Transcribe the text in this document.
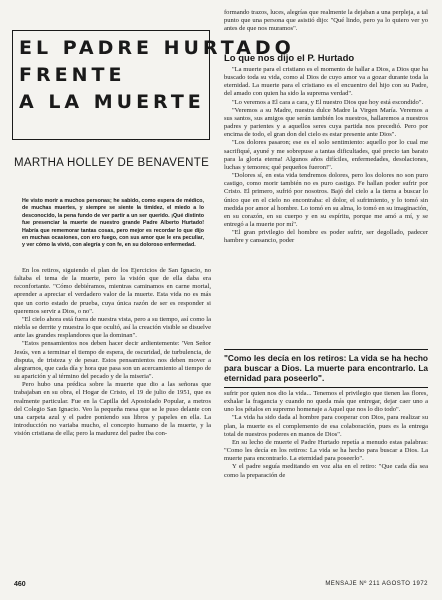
EL PADRE HURTADO
FRENTE
A LA MUERTE
MARTHA HOLLEY DE BENAVENTE
He visto morir a muchos personas; he sabido, como espera de médico, de muchas muertes, y siempre se siente la timidez, el miedo a lo desconocido, la pena fundo de ver partir a un ser querido. ¡Qué distinto fue presenciar la muerte de nuestro grande Padre Alberto Hurtado! Habría que rememorar tantas cosas, pero mejor es recordar lo que dijo en muchas ocasiones, con ero fuego, con sus amor que le era peculiar, y ver cómo la vivió, con alegría y con fe, en su doloroso enfermedad.

En los retiros, siguiendo el plan de los Ejercicios de San Ignacio, no faltaba el tema de la muerte, pero la visión que de ella daba era reconfortante. "Cómo debiéramos, mientras caminamos en carne mortal, aprender a apreciar el verdadero valor de la muerte. Esta vida no es más que un corto estado de prueba, cuya única razón de ser es responder si queremos servir a Dios, o no".

"El cielo ahora está fuera de nuestra vista, pero a su tiempo, así como la niebla se derrite y muestra lo que ocultó, así la creación visible se disuelve ante las grandes resplandores que la dominan".

"Estos pensamientos nos deben hacer decir ardientemente: 'Ven Señor Jesús, ven a terminar el tiempo de espera, de oscuridad, de turbulencia, de disputa, de tristeza y de pesar. Estos pensamientos nos deben mover a alegrarnos, que cada día y hora que pasa son un acercamiento al tiempo de su aparición y al término del pecado y de la miseria".

Pero hubo una prédica sobre la muerte que dio a las señoras que trabajaban en su obra, el Hogar de Cristo, el 19 de julio de 1951, que es realmente particular. Fue en la Capilla del Apostolado Popular, a metros del Colegio San Ignacio. Veo la pequeña mesa que se le puso delante con una carpeta azul y el padre poniendo sus libros y papeles en ella. La introducción no variaba mucho, el concepto humano de la muerte, y la visión cristiana de ella; pero la madurez del padre iba con-

formando trazos, luces, alegrías que realmente la dejaban a una perpleja, a tal punto que una persona que asistió dijo: "Qué lindo, pero ya lo quiero ver yo antes de que nos muramos".

Lo que nos dijo el P. Hurtado

"La muerte para el cristiano es el momento de hallar a Dios, a Dios que ha buscado toda su vida, como al Dios de cuyo amor va a gozar durante toda la eternidad. La muerte para el cristiano es el encuentro del hijo con su Padre, del amado con quien ha sido la suprema verdad".

"Lo veremos a El cara a cara, y El nuestro Dios que hoy está escondido".

"Veremos a su Madre, nuestra dulce Madre la Virgen María. Veremos a sus santos, sus amigos que serán también los nuestros, hallaremos a nuestros padres y parientes y a aquellos seres cuya partida nos precedió. Pero por encima de todo, el gran don del cielo es estar presente ante Dios".

"Los dolores pasaron; ese es el solo sentimiento: aquello por lo cual me sacrifiqué, ayuné y me sobrepuse a tantas dificultades, qué precio tan barato para la gloria eterna! Algunos años difíciles, enfermedades, desolaciones, luchas y temores; qué pequeños fueron!".

"Dolores sí, en esta vida tendremos dolores, pero los dolores no son puro castigo, como morir también no es puro castigo. Fe hallan poder sufrir por Cristo. El primero, sufrió por nosotros. Bajó del cielo a la tierra a buscar lo único que en el cielo no encontraba: el dolor, el sufrimiento, y lo tomó sin medida por amor al hombre. Lo tomó en su alma, lo tomó en su imaginación, en su corazón, en su cuerpo y en su espíritu, porque me amó a mí, y se entregó a la muerte por mí".

"El gran privilegio del hombre es poder sufrir, ser degollado, padecer hambre y cansancio, poder

"Como les decía en los retiros: La vida se ha hecho para buscar a Dios. La muerte para encontrarlo. La eternidad para poseerlo".

sufrir por quien nos dio la vida... Tenemos el privilegio que tienen las flores, exhalar la fragancia y cuando no queda más que entregar, dejar caer uno a uno los pétalos en supremo homenaje a Aquel que nos lo dio todo".

"La vida ha sido dada al hombre para cooperar con Dios, para realizar su plan, la muerte es el complemento de esa colaboración, pues es la entrega total de nuestros poderes en manos de Dios".

En su lecho de muerte el Padre Hurtado repetía a menudo estas palabras: "Como les decía en los retiros: La vida se ha hecho para buscar a Dios. La muerte para encontrarlo. La eternidad para poseerlo".

Y el padre seguía meditando en voz alta en el retiro: "Que cada día sea como la preparación de

460	MENSAJE Nº 211 AGOSTO 1972
